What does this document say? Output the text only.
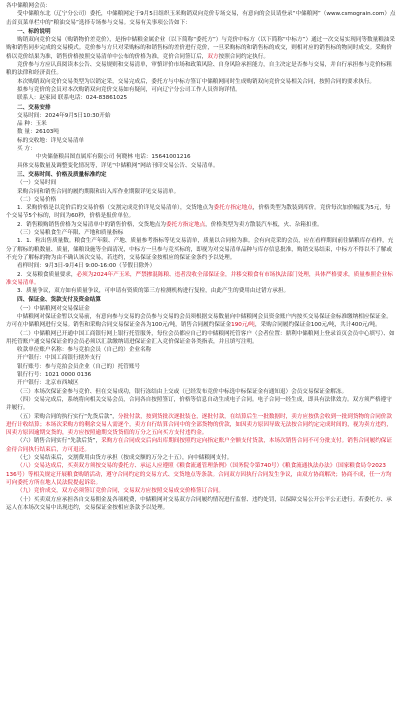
各中储粮网会员：

受中储粮东北（辽宁分公司）委托，中储粮网定于9月5日组织玉米购销双向竞价专场交易，有意向的会员请登录“中储粮网”（www.csmograin.com）点击首页菜单栏中的“粮油交易”选择专场参与交易。交易有关事项公告如下：

一、标的说明

购销双向竞价交易（购销物价差竞价），是指中储粮金属企业（以下简称“委托方”）与竞价中标方（以下简称“中标方”）通过一次交易实现同等数量粮油采购和销售同步完成的交易模式。竞价参与方只对采购标的和销售标的差价进行竞价，一旦采购标的和销售标的成交，则相对应的销售标的物同时成交。采购价格以竞价结果为准，销售价格按照交易清单中公布的价格为准，竞价合同签订后，双方按照合同约定执行。

竞价参与方应认真阅读本公告、交易规则和交易清单，审慎评价市场和政策风险、自身风险承担能力，自主决定是否参与交易，并自行承担参与竞价标粗粮的法律和经济责任。

本次购销双向竞价交易类型为以销定采，交易完成后，委托方与中标方签订中储粮网同时生成购销双向竞价交易相关合同，按照合同的要求执行。

拟参与竞价的会员对本次购销双向竞价交易如有疑问，可向辽宁分公司工作人员咨询详情。

联系人：赵家园 联系电话：024-83861025

二、交易安排

交易时间：2024年9月5日10:30开始

品 种：玉米

数 量：26103吨

标的交收地：详见交易清单

买 方：

中央储备粮昌图直属库有限公司 何晓林 电话：15641001216

具体交易数量及调整变化情况等，详见“中储粮网”网站刊印交易公告、交易清单。

三、交易时间、价格及质量标准约定

（一）交易时间

采购合同和销售合同的履约期限和出入库作业期限详见交易清单。

（二）交易价格

1．采购价格是以竞价后的交易价格（交割完成竞价详见交易清单），交货地点为委托方指定地点，价格类型为散装到库价。竞价每次加价幅度为5元，每个交易节5个标的，时间为60秒，价格是报价单位。

2．销售粮购销售价格为交易清单中的销售价格，交货地点为委托方指定地点，价格类型为卖方散装汽车板，火、杂箱扣重。

（三）交易粮食生产年限、产地和质量指标

1．1．粒出售质量数。粮食生产年限、产地、质量参考指标等见交易清单，质量以合同检为准。会有向竞采的会员，应在看样期间前往储粮库存看样，充分了解标的粮数量、质量，储粮设施等全面清况，中标方一旦参与竞买标的，即视为对交易清单品种与库存信息批准，购销交易结束，中标方不得以不了解或不充分了解标的物为由不确认该次交易，若违约，交易保证金按相应的保证金条约予以处理。

看样时间：9月3日-9月4日 9:00-16:00（节假日除外）

2．交易粮食质量要求，必须为2024年产玉米，严禁掺混陈粮、违者没收全部保证金，并移交粮食有市场执法部门处理，具体严格要求，质量参照企业标准交易清单。

3．质量争议，双方如有质量争议，可申请有资质的第三方检测机构进行复检，由此产生的费用由过错方承担。

四、保证金、货款支付及资金结算

（一）中储粮网对交易保证金

中储粮网对保证金暂以交易前，有意向参与交易的会员参与交易的会员须根据交易数量向中储粮网会员资金账户内按买交易保证金标准缴纳相应保证金。方可在中储粮网进行交易。销售和采购合同交易保证金各为100元/吨，销售合同履约保证金190元/吨，采购合同履约保证金100元/吨，共计400元/吨。

（二）中储粮网已开通中国工商银行网上银行托管服务，每位会员都应自己的中储粮网托管客户（会者位置：鼎利中储粮网上登录首页会员中心填写）、如用托管账户通交易保证金的会员必须以汇款缴纳请进保证金汇入竞价保证金各类指表，并且填写注明。

收款单位账户名称：参与竞拍会员（自己的）企业名称

开户银行：中国工商银行辖外支行

银行账号：参与竞拍会员企业（自己的）托管账号

银行行号：1021 0000 0136

开户银行：北京市西城区

（三）本场次保证金参与竞价、但在交易成功，银行冻结由上交或（已经发布竞价中标选中标保证金有通知退）会员交易保证金解冻。

（四）交易完成后，系统将向相关交易会员，合同各自按照签订，价格等信息自动生成电子合同。电子合同一经生成，即具有法律效力。双方须严格遵守并履行。

（五）采购合同的执行实行“先货后款”，分批付款，按到货批次逐批装仓，逐批付款，在结算后生一批数据时，卖方应按供会收到一批到货物的合同价款进行计收结算；本场次采购方的剩余交易人需逐个，卖方自行结算合同中的全部货物的价款，如因卖方原因导致无法按合同约定完成时间的，视为卖方违约，因卖方原因逾期交货的，卖方应按照逾期交货货值的万分之五向买方支付违约金。

（六）销售合同实行“先款后货”，采购方在合同成交后向出库期间按照约定向指定账户全额支付货款，本场次销售合同不可分批支付。销售合同履约保证金待合同执行结束后，方可退还。

（七）交易结束后，交割费用由货方承担（按成交额的万分之十五），向中储粮网支付。

（八）交易达成后，买卖双方须按交易的委托方、承运人应遵照《粮食流通管理条例》（国务院令第740号）《粮食流通执法办法》（国家粮食局令2023 136号）等相关规定开展粮食购销活动，遵守合同约定的交易方式、交货地点等条款。合同双方因执行合同发生争议，由双方协商解决；协商不成，任一方均可向委托方所在地人民法院提起诉讼。

（九）竞价成交，双方必须签订竞价合同，交易双方应按照交易成交价格签订合同。

（十）买卖双方应承担各自交易佣金及各项税费，中储粮网对交易双方合同履约情况进行监督、违约处罚，以保障交易公开公平公正进行。若委托方、承运人在本场次交易中出现违约，交易保证金按相应条款予以处理。
